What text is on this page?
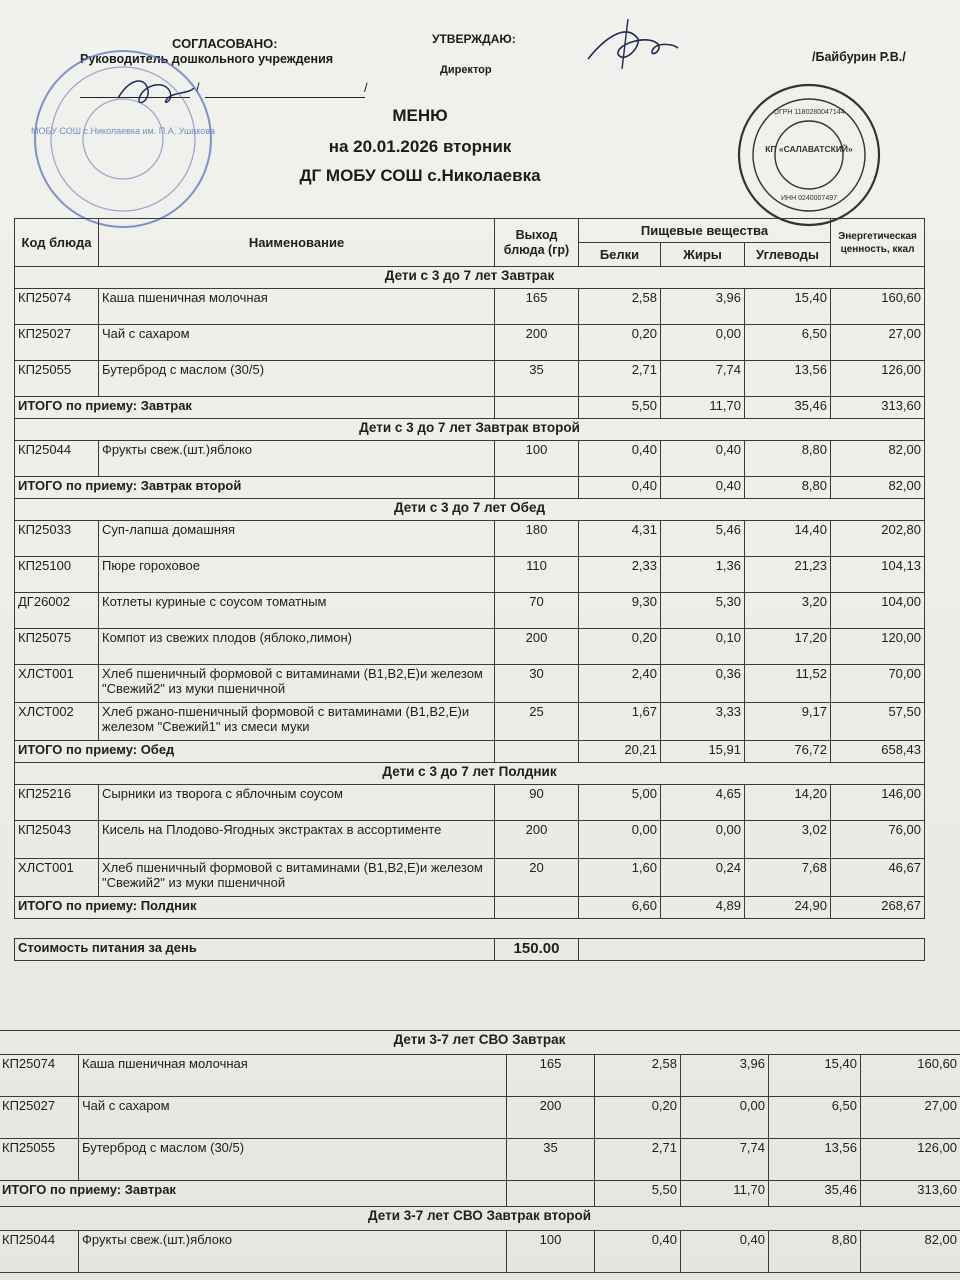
СОГЛАСОВАНО:
Руководитель дошкольного учреждения
/	/
УТВЕРЖДАЮ:
Директор
/Байбурин Р.В./
МОБУ СОШ с.Николаевка им. П.А. Ушакова
КП «САЛАВАТСКИЙ»
ОГРН 1180280047144
ИНН 0240007497
МЕНЮ
на 20.01.2026 вторник
ДГ МОБУ СОШ с.Николаевка
Код блюда	Наименование	Выход блюда (гр)	Пищевые вещества			Энергетическая ценность, ккал
			Белки	Жиры	Углеводы	
Дети с 3 до 7 лет Завтрак						
КП25074	Каша пшеничная молочная	165	2,58	3,96	15,40	160,60
КП25027	Чай с сахаром	200	0,20	0,00	6,50	27,00
КП25055	Бутерброд с маслом (30/5)	35	2,71	7,74	13,56	126,00
ИТОГО по приему: Завтрак			5,50	11,70	35,46	313,60
Дети с 3 до 7 лет Завтрак второй						
КП25044	Фрукты свеж.(шт.)яблоко	100	0,40	0,40	8,80	82,00
ИТОГО по приему: Завтрак второй			0,40	0,40	8,80	82,00
Дети с 3 до 7 лет Обед						
КП25033	Суп-лапша домашняя	180	4,31	5,46	14,40	202,80
КП25100	Пюре гороховое	110	2,33	1,36	21,23	104,13
ДГ26002	Котлеты куриные с соусом томатным	70	9,30	5,30	3,20	104,00
КП25075	Компот из свежих плодов (яблоко,лимон)	200	0,20	0,10	17,20	120,00
ХЛСТ001	Хлеб пшеничный формовой с витаминами (В1,В2,Е)и железом "Свежий2" из муки пшеничной	30	2,40	0,36	11,52	70,00
ХЛСТ002	Хлеб ржано-пшеничный формовой с витаминами (В1,В2,Е)и железом "Свежий1" из смеси муки	25	1,67	3,33	9,17	57,50
ИТОГО по приему: Обед			20,21	15,91	76,72	658,43
Дети с 3 до 7 лет Полдник						
КП25216	Сырники из творога с яблочным соусом	90	5,00	4,65	14,20	146,00
КП25043	Кисель на Плодово-Ягодных экстрактах в ассортименте	200	0,00	0,00	3,02	76,00
ХЛСТ001	Хлеб пшеничный формовой с витаминами (В1,В2,Е)и железом "Свежий2" из муки пшеничной	20	1,60	0,24	7,68	46,67
ИТОГО по приему: Полдник			6,60	4,89	24,90	268,67

Стоимость питания за день		150.00				
Дети 3-7 лет СВО Завтрак						
КП25074	Каша пшеничная молочная	165	2,58	3,96	15,40	160,60
КП25027	Чай с сахаром	200	0,20	0,00	6,50	27,00
КП25055	Бутерброд с маслом (30/5)	35	2,71	7,74	13,56	126,00
ИТОГО по приему: Завтрак			5,50	11,70	35,46	313,60
Дети 3-7 лет СВО Завтрак второй						
КП25044	Фрукты свеж.(шт.)яблоко	100	0,40	0,40	8,80	82,00
